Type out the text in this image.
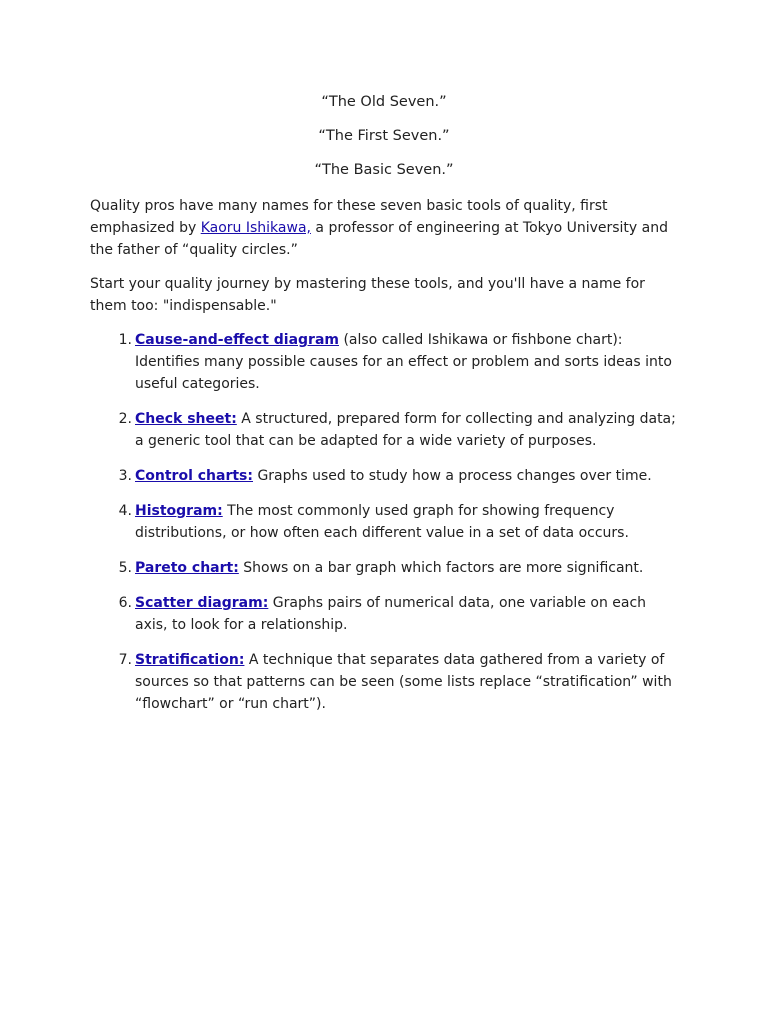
“The Old Seven.”

“The First Seven.”

“The Basic Seven.”

Quality pros have many names for these seven basic tools of quality, first emphasized by Kaoru Ishikawa, a professor of engineering at Tokyo University and the father of “quality circles.”

Start your quality journey by mastering these tools, and you'll have a name for them too: "indispensable."

1. Cause-and-effect diagram (also called Ishikawa or fishbone chart): Identifies many possible causes for an effect or problem and sorts ideas into useful categories.
2. Check sheet: A structured, prepared form for collecting and analyzing data; a generic tool that can be adapted for a wide variety of purposes.
3. Control charts: Graphs used to study how a process changes over time.
4. Histogram: The most commonly used graph for showing frequency distributions, or how often each different value in a set of data occurs.
5. Pareto chart: Shows on a bar graph which factors are more significant.
6. Scatter diagram: Graphs pairs of numerical data, one variable on each axis, to look for a relationship.
7. Stratification: A technique that separates data gathered from a variety of sources so that patterns can be seen (some lists replace “stratification” with “flowchart” or “run chart”).
